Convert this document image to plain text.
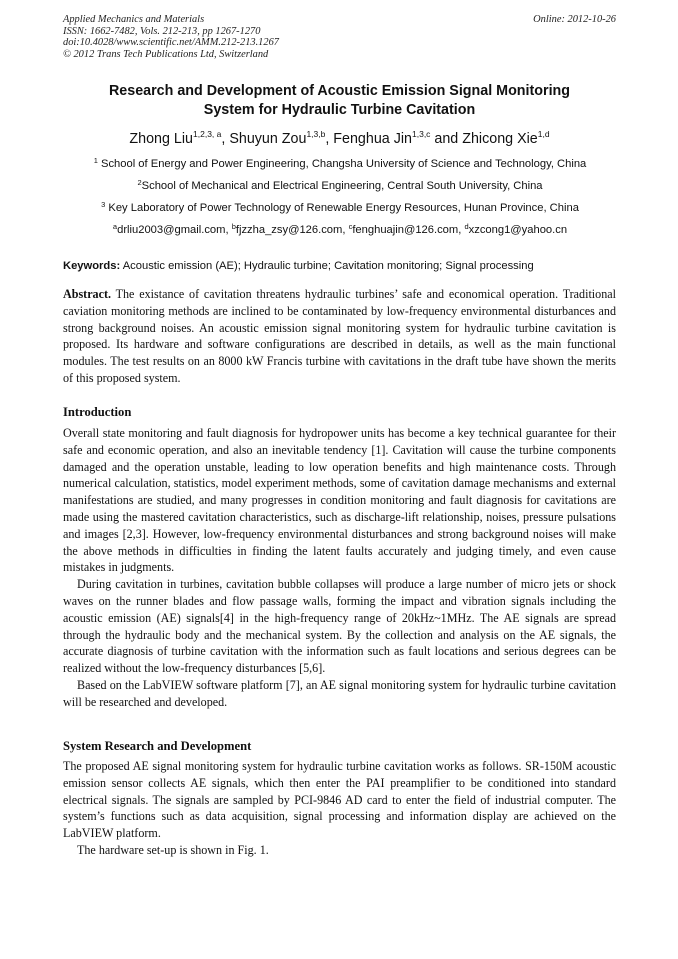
Applied Mechanics and Materials
ISSN: 1662-7482, Vols. 212-213, pp 1267-1270
doi:10.4028/www.scientific.net/AMM.212-213.1267
© 2012 Trans Tech Publications Ltd, Switzerland
Online: 2012-10-26
Research and Development of Acoustic Emission Signal Monitoring
System for Hydraulic Turbine Cavitation
Zhong Liu$^{1,2,3, a}$, Shuyun Zou$^{1,3,b}$, Fenghua Jin$^{1,3,c}$ and Zhicong Xie$^{1,d}$
$^1$ School of Energy and Power Engineering, Changsha University of Science and Technology, China
$^2$School of Mechanical and Electrical Engineering, Central South University, China
$^3$ Key Laboratory of Power Technology of Renewable Energy Resources, Hunan Province, China
$^a$drliu2003@gmail.com, $^b$fjzzha_zsy@126.com, $^c$fenghuajin@126.com, $^d$xzcong1@yahoo.cn
Keywords: Acoustic emission (AE); Hydraulic turbine; Cavitation monitoring; Signal processing

Abstract. The existance of cavitation threatens hydraulic turbines’ safe and economical operation. Traditional caviation monitoring methods are inclined to be contaminated by low-frequency environmental disturbances and strong background noises. An acoustic emission signal monitoring system for hydraulic turbine cavitation is proposed. Its hardware and software configurations are described in details, as well as the main functional modules. The test results on an 8000 kW Francis turbine with cavitations in the draft tube have shown the merits of this proposed system.

Introduction

Overall state monitoring and fault diagnosis for hydropower units has become a key technical guarantee for their safe and economic operation, and also an inevitable tendency [1]. Cavitation will cause the turbine components damaged and the operation unstable, leading to low operation benefits and high maintenance costs. Through numerical calculation, statistics, model experiment methods, some of cavitation damage mechanisms and external manifestations are studied, and many progresses in condition monitoring and fault diagnosis for cavitations are made using the mastered cavitation characteristics, such as discharge-lift relationship, noises, pressure pulsations and images [2,3]. However, low-frequency environmental disturbances and strong background noises will make the above methods in difficulties in finding the latent faults accurately and judging timely, and even cause mistakes in judgments.

During cavitation in turbines, cavitation bubble collapses will produce a large number of micro jets or shock waves on the runner blades and flow passage walls, forming the impact and vibration signals including the acoustic emission (AE) signals[4] in the high-frequency range of 20kHz~1MHz. The AE signals are spread through the hydraulic body and the mechanical system. By the collection and analysis on the AE signals, the accurate diagnosis of turbine cavitation with the information such as fault locations and serious degrees can be realized without the low-frequency disturbances [5,6].

Based on the LabVIEW software platform [7], an AE signal monitoring system for hydraulic turbine cavitation will be researched and developed.

System Research and Development

The proposed AE signal monitoring system for hydraulic turbine cavitation works as follows. SR-150M acoustic emission sensor collects AE signals, which then enter the PAI preamplifier to be conditioned into standard electrical signals. The signals are sampled by PCI-9846 AD card to enter the field of industrial computer. The system’s functions such as data acquisition, signal processing and information display are achieved on the LabVIEW platform.

The hardware set-up is shown in Fig. 1.
